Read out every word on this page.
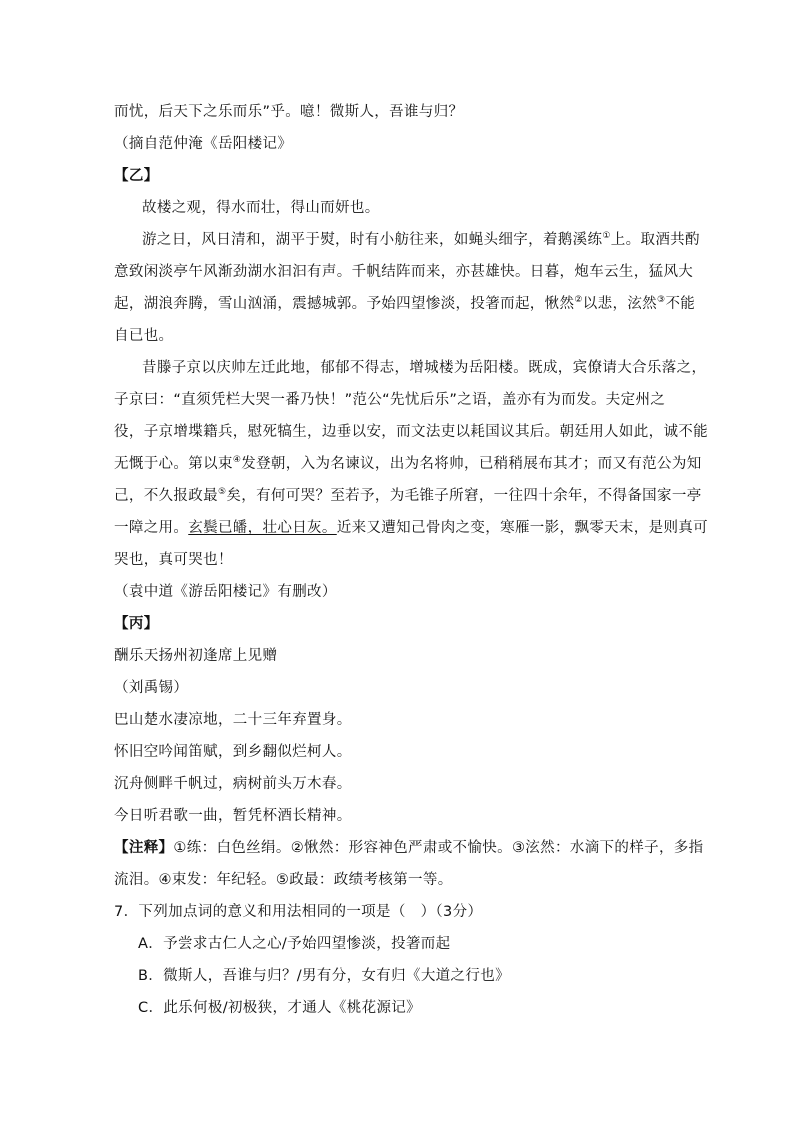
而忧，后天下之乐而乐”乎。噫！微斯人，吾谁与归？
（摘自范仲淹《岳阳楼记》
【乙】
故楼之观，得水而壮，得山而妍也。
游之日，风日清和，湖平于熨，时有小舫往来，如蝇头细字，着鹅溪练①上。取酒共酌
意致闲淡亭午风渐劲湖水汩汩有声。千帆结阵而来，亦甚雄快。日暮，炮车云生，猛风大
起，湖浪奔腾，雪山汹涌，震撼城郭。予始四望惨淡，投箸而起，愀然②以悲，泫然③不能
自已也。
昔滕子京以庆帅左迁此地，郁郁不得志，增城楼为岳阳楼。既成，宾僚请大合乐落之，
子京曰：“直须凭栏大哭一番乃快！”范公“先忧后乐”之语，盖亦有为而发。夫定州之
役，子京增堞籍兵，慰死犒生，边垂以安，而文法吏以耗国议其后。朝廷用人如此，诚不能
无慨于心。第以束④发登朝，入为名谏议，出为名将帅，已稍稍展布其才；而又有范公为知
己，不久报政最⑤矣，有何可哭？至若予，为毛锥子所窘，一往四十余年，不得备国家一亭
一障之用。玄鬓已皤，壮心日灰。近来又遭知己骨肉之变，寒雁一影，飘零天末，是则真可
哭也，真可哭也！
（袁中道《游岳阳楼记》有删改）
【丙】
酬乐天扬州初逢席上见赠
（刘禹锡）
巴山楚水凄凉地，二十三年弃置身。
怀旧空吟闻笛赋，到乡翻似烂柯人。
沉舟侧畔千帆过，病树前头万木春。
今日听君歌一曲，暂凭杯酒长精神。
【注释】①练：白色丝绢。②愀然：形容神色严肃或不愉快。③泫然：水滴下的样子，多指
流泪。④束发：年纪轻。⑤政最：政绩考核第一等。
7．下列加点词的意义和用法相同的一项是（　）（3分）
A．予尝求古仁人之心/予始四望惨淡，投箸而起
B．微斯人，吾谁与归？/男有分，女有归《大道之行也》
C．此乐何极/初极狭，才通人《桃花源记》
